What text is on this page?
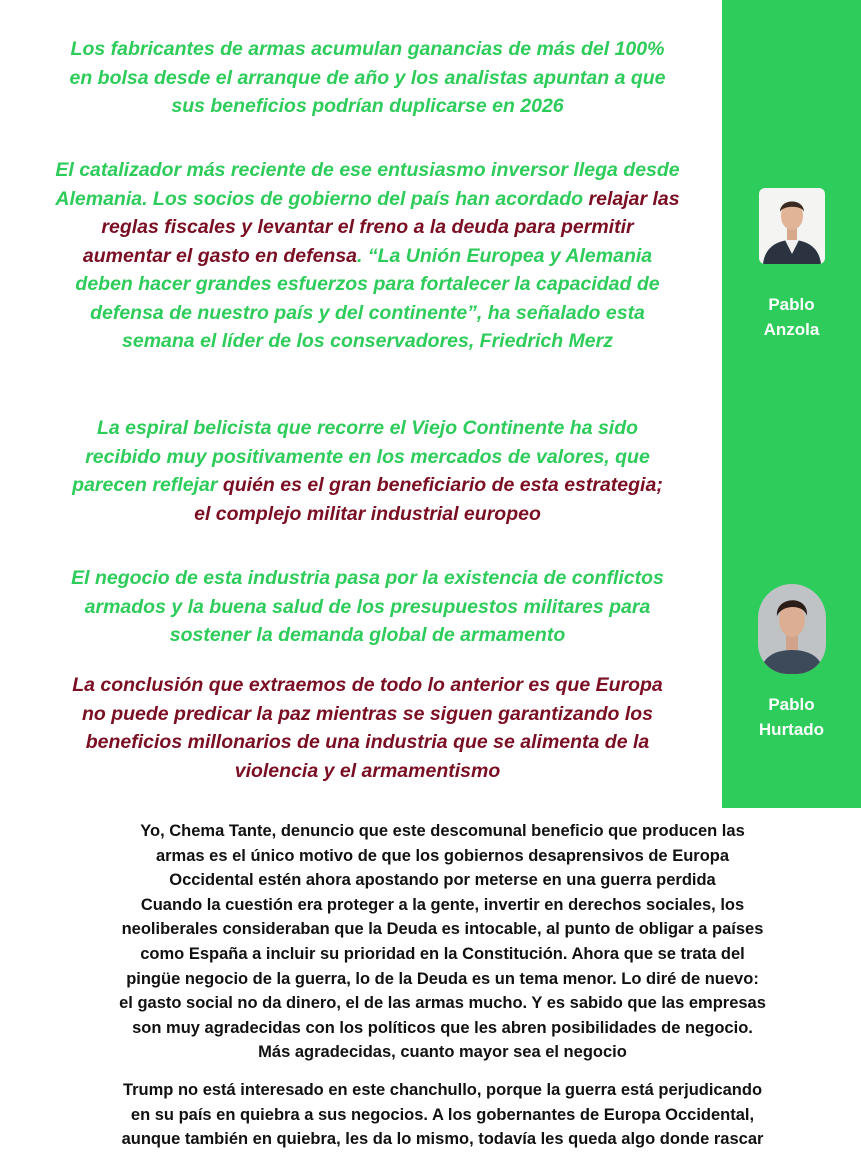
Pablo
Anzola
Pablo
Hurtado
Los fabricantes de armas acumulan ganancias de más del 100%
en bolsa desde el arranque de año y los analistas apuntan a que
sus beneficios podrían duplicarse en 2026
El catalizador más reciente de ese entusiasmo inversor llega desde
Alemania. Los socios de gobierno del país han acordado relajar las
reglas fiscales y levantar el freno a la deuda para permitir
aumentar el gasto en defensa. “La Unión Europea y Alemania
deben hacer grandes esfuerzos para fortalecer la capacidad de
defensa de nuestro país y del continente”, ha señalado esta
semana el líder de los conservadores, Friedrich Merz
La espiral belicista que recorre el Viejo Continente ha sido
recibido muy positivamente en los mercados de valores, que
parecen reflejar quién es el gran beneficiario de esta estrategia;
el complejo militar industrial europeo
El negocio de esta industria pasa por la existencia de conflictos
armados y la buena salud de los presupuestos militares para
sostener la demanda global de armamento
La conclusión que extraemos de todo lo anterior es que Europa
no puede predicar la paz mientras se siguen garantizando los
beneficios millonarios de una industria que se alimenta de la
violencia y el armamentismo
Yo, Chema Tante, denuncio que este descomunal beneficio que producen las
armas es el único motivo de que los gobiernos desaprensivos de Europa
Occidental estén ahora apostando por meterse en una guerra perdida
Cuando la cuestión era proteger a la gente, invertir en derechos sociales, los
neoliberales consideraban que la Deuda es intocable, al punto de obligar a países
como España a incluir su prioridad en la Constitución. Ahora que se trata del
pingüe negocio de la guerra, lo de la Deuda es un tema menor. Lo diré de nuevo:
el gasto social no da dinero, el de las armas mucho. Y es sabido que las empresas
son muy agradecidas con los políticos que les abren posibilidades de negocio.
Más agradecidas, cuanto mayor sea el negocio
Trump no está interesado en este chanchullo, porque la guerra está perjudicando
en su país en quiebra a sus negocios. A los gobernantes de Europa Occidental,
aunque también en quiebra, les da lo mismo, todavía les queda algo donde rascar
